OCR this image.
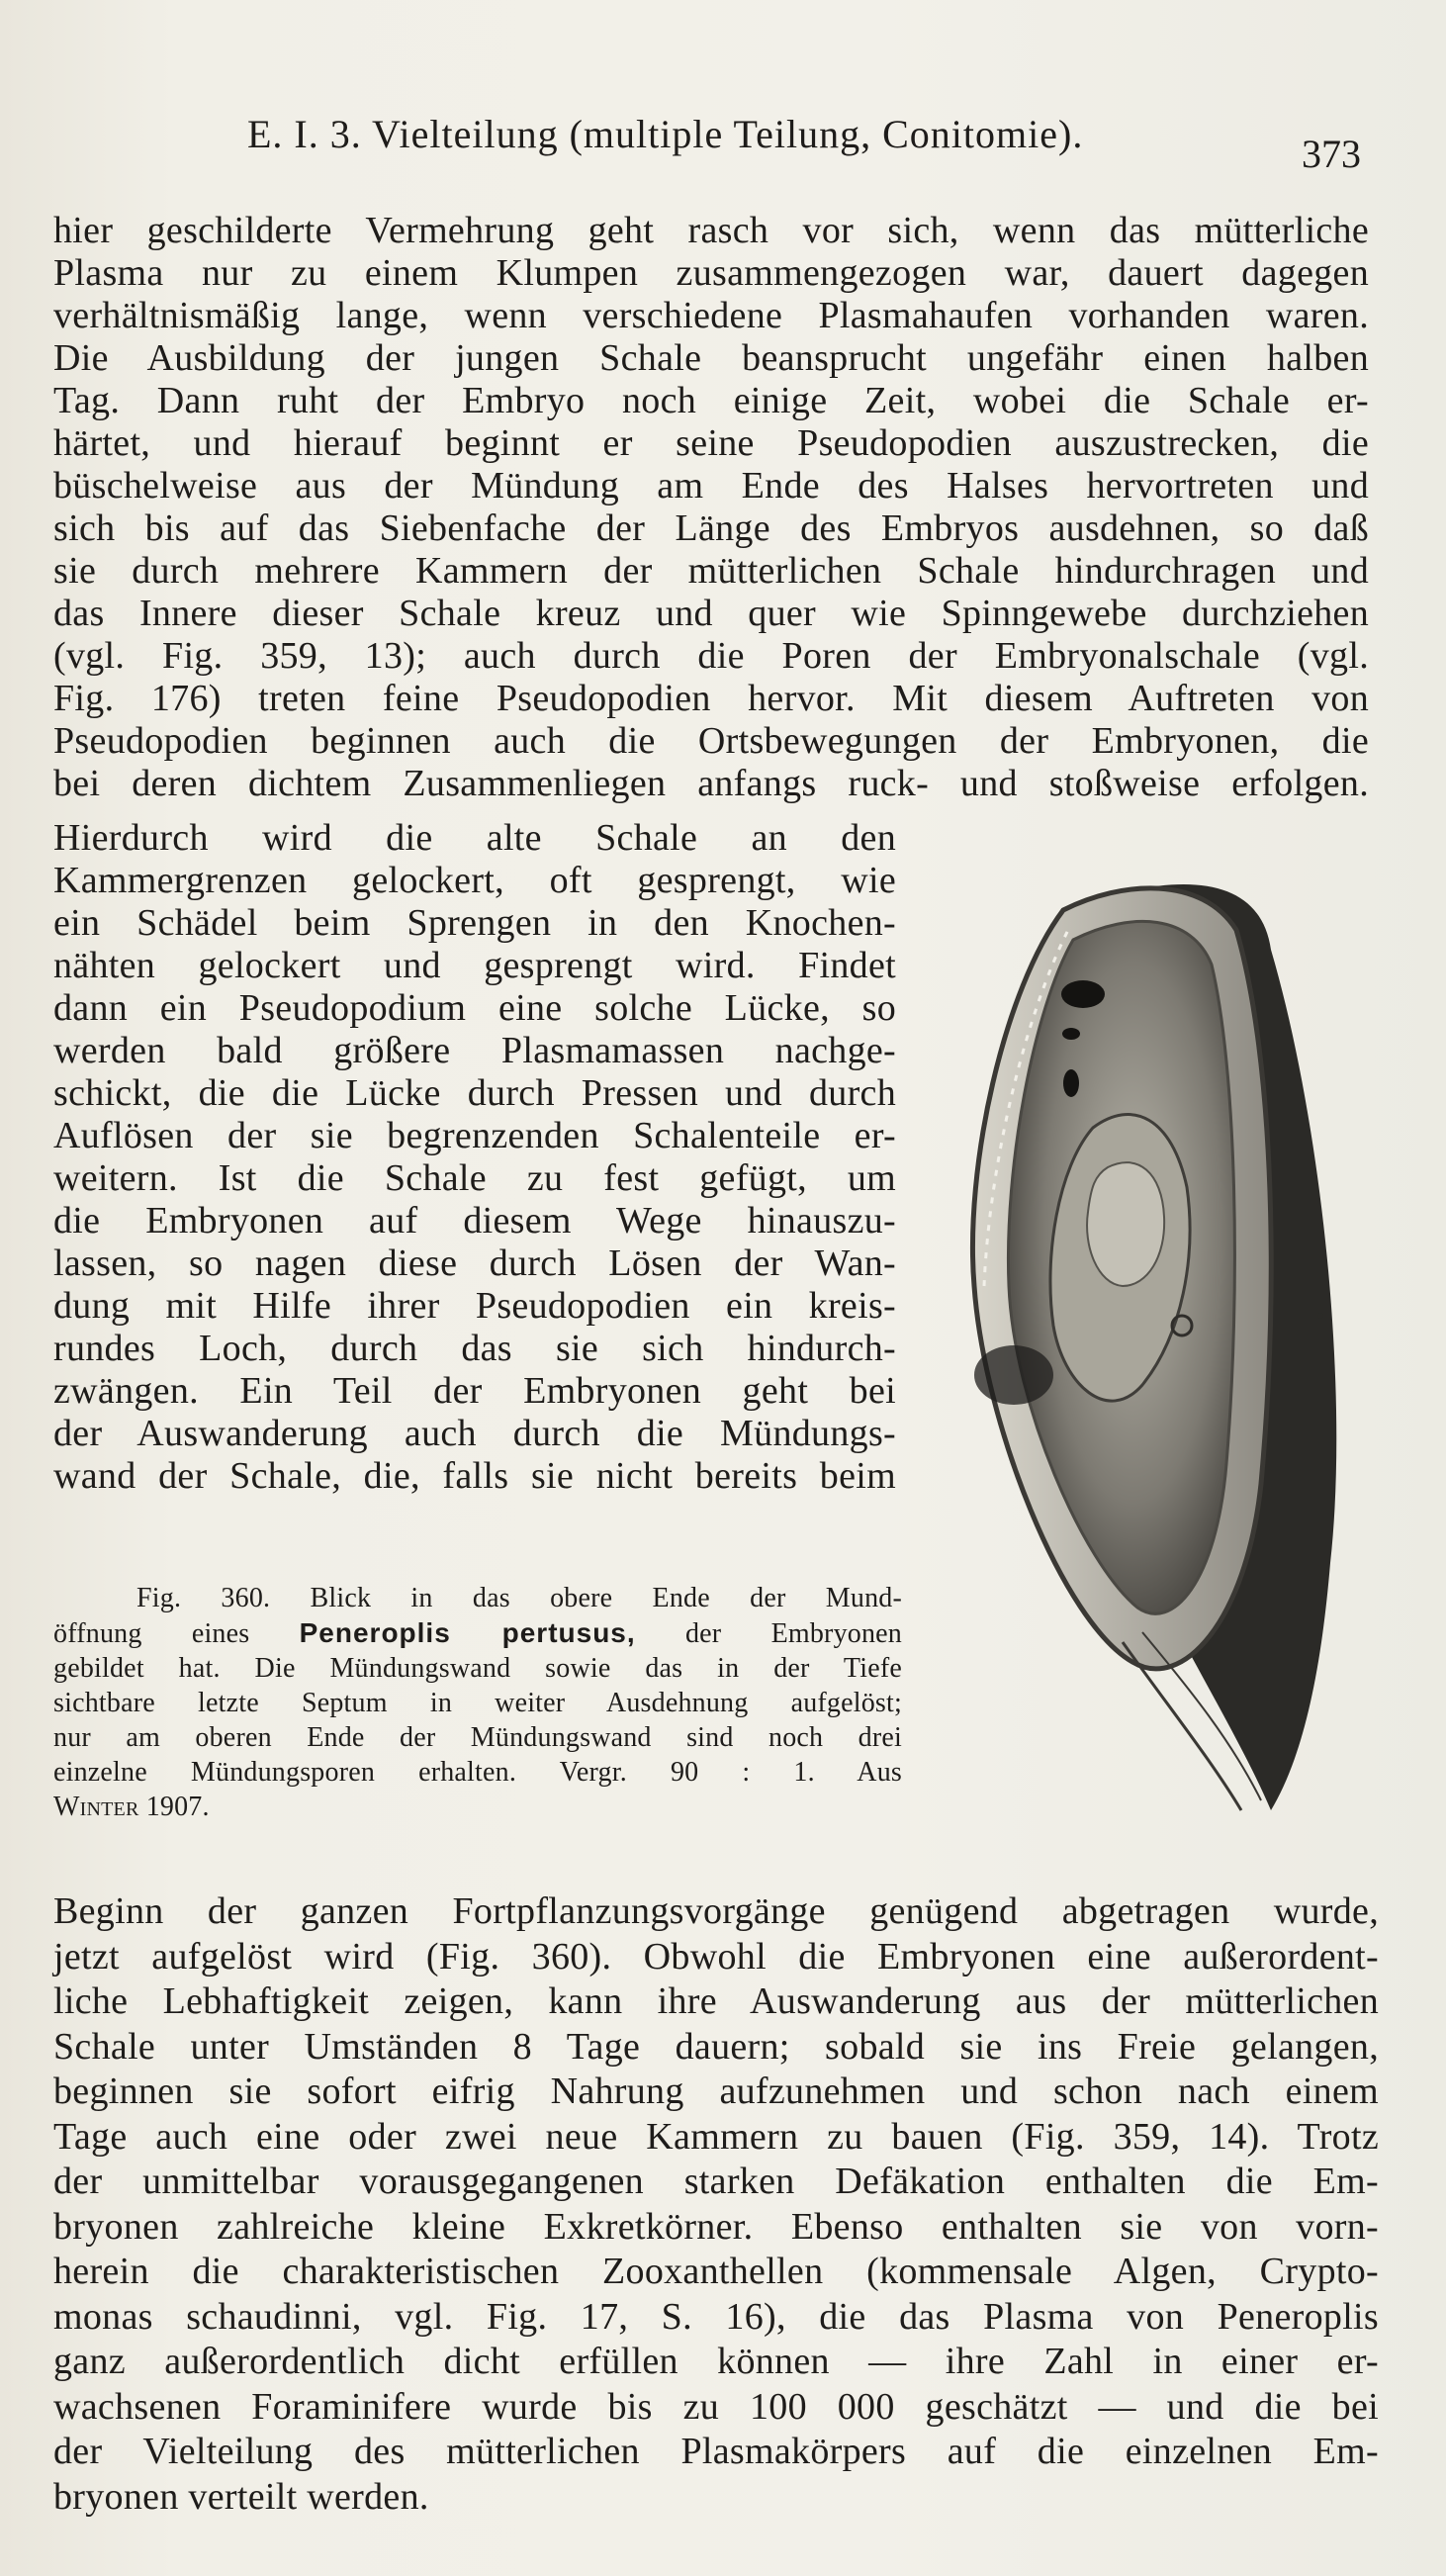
E. I. 3. Vielteilung (multiple Teilung, Conitomie).	373
hier geschilderte Vermehrung geht rasch vor sich, wenn das mütterliche
Plasma nur zu einem Klumpen zusammengezogen war, dauert dagegen
verhältnismäßig lange, wenn verschiedene Plasmahaufen vorhanden waren.
Die Ausbildung der jungen Schale beansprucht ungefähr einen halben
Tag. Dann ruht der Embryo noch einige Zeit, wobei die Schale er-
härtet, und hierauf beginnt er seine Pseudopodien auszustrecken, die
büschelweise aus der Mündung am Ende des Halses hervortreten und
sich bis auf das Siebenfache der Länge des Embryos ausdehnen, so daß
sie durch mehrere Kammern der mütterlichen Schale hindurchragen und
das Innere dieser Schale kreuz und quer wie Spinngewebe durchziehen
(vgl. Fig. 359, 13); auch durch die Poren der Embryonalschale (vgl.
Fig. 176) treten feine Pseudopodien hervor. Mit diesem Auftreten von
Pseudopodien beginnen auch die Ortsbewegungen der Embryonen, die
bei deren dichtem Zusammenliegen anfangs ruck- und stoßweise erfolgen.
Hierdurch wird die alte Schale an den
Kammergrenzen gelockert, oft gesprengt, wie
ein Schädel beim Sprengen in den Knochen-
nähten gelockert und gesprengt wird. Findet
dann ein Pseudopodium eine solche Lücke, so
werden bald größere Plasmamassen nachge-
schickt, die die Lücke durch Pressen und durch
Auflösen der sie begrenzenden Schalenteile er-
weitern. Ist die Schale zu fest gefügt, um
die Embryonen auf diesem Wege hinauszu-
lassen, so nagen diese durch Lösen der Wan-
dung mit Hilfe ihrer Pseudopodien ein kreis-
rundes Loch, durch das sie sich hindurch-
zwängen. Ein Teil der Embryonen geht bei
der Auswanderung auch durch die Mündungs-
wand der Schale, die, falls sie nicht bereits beim
Fig. 360. Blick in das obere Ende der Mund-
öffnung eines Peneroplis pertusus, der Embryonen
gebildet hat. Die Mündungswand sowie das in der Tiefe
sichtbare letzte Septum in weiter Ausdehnung aufgelöst;
nur am oberen Ende der Mündungswand sind noch drei
einzelne Mündungsporen erhalten. Vergr. 90 : 1. Aus
Winter 1907.
Beginn der ganzen Fortpflanzungsvorgänge genügend abgetragen wurde,
jetzt aufgelöst wird (Fig. 360). Obwohl die Embryonen eine außerordent-
liche Lebhaftigkeit zeigen, kann ihre Auswanderung aus der mütterlichen
Schale unter Umständen 8 Tage dauern; sobald sie ins Freie gelangen,
beginnen sie sofort eifrig Nahrung aufzunehmen und schon nach einem
Tage auch eine oder zwei neue Kammern zu bauen (Fig. 359, 14). Trotz
der unmittelbar vorausgegangenen starken Defäkation enthalten die Em-
bryonen zahlreiche kleine Exkretkörner. Ebenso enthalten sie von vorn-
herein die charakteristischen Zooxanthellen (kommensale Algen, Crypto-
monas schaudinni, vgl. Fig. 17, S. 16), die das Plasma von Peneroplis
ganz außerordentlich dicht erfüllen können — ihre Zahl in einer er-
wachsenen Foraminifere wurde bis zu 100 000 geschätzt — und die bei
der Vielteilung des mütterlichen Plasmakörpers auf die einzelnen Em-
bryonen verteilt werden.
